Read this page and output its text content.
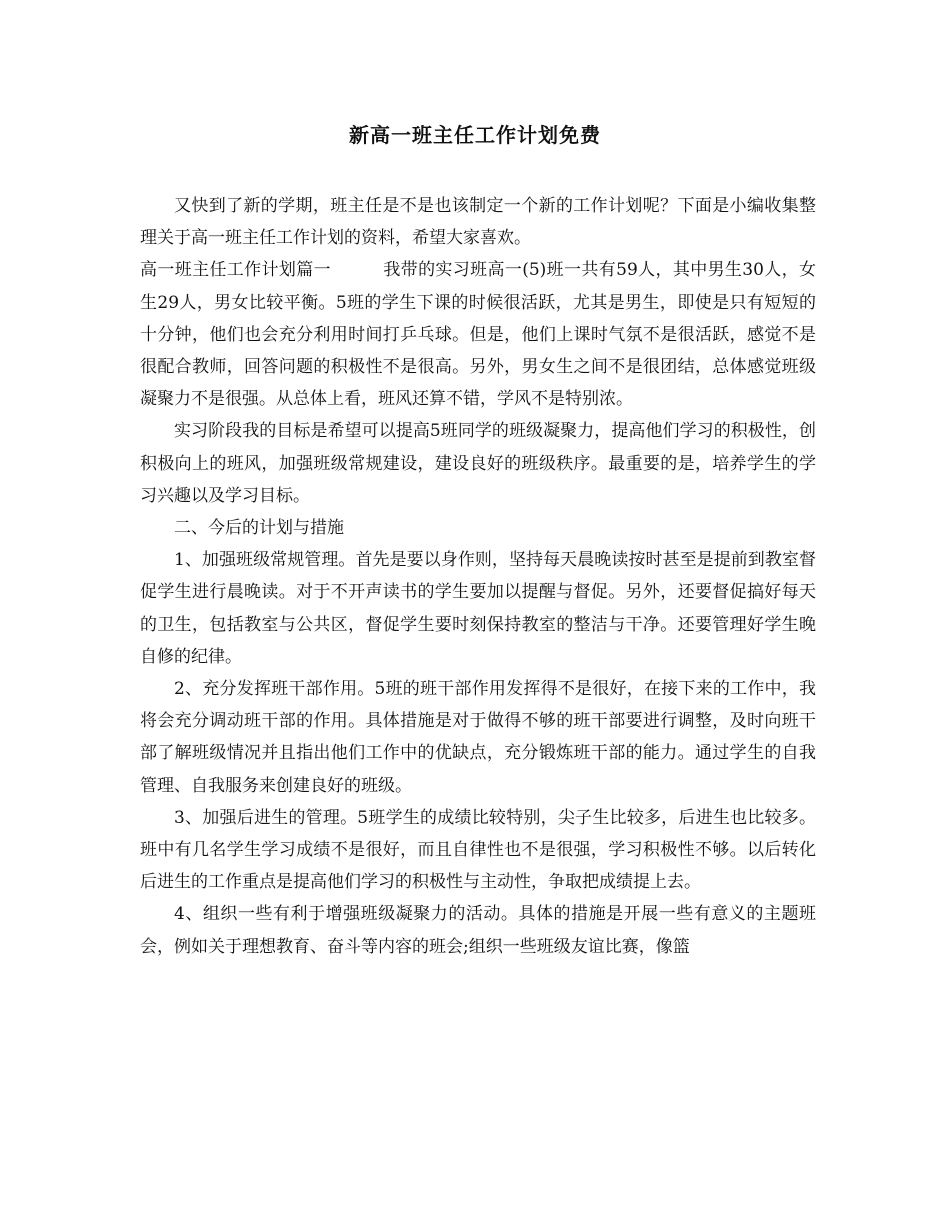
新高一班主任工作计划免费

又快到了新的学期，班主任是不是也该制定一个新的工作计划呢？下面是小编收集整理关于高一班主任工作计划的资料，希望大家喜欢。

高一班主任工作计划篇一	我带的实习班高一(5)班一共有59人，其中男生30人，女生29人，男女比较平衡。5班的学生下课的时候很活跃，尤其是男生，即使是只有短短的十分钟，他们也会充分利用时间打乒乓球。但是，他们上课时气氛不是很活跃，感觉不是很配合教师，回答问题的积极性不是很高。另外，男女生之间不是很团结，总体感觉班级凝聚力不是很强。从总体上看，班风还算不错，学风不是特别浓。

实习阶段我的目标是希望可以提高5班同学的班级凝聚力，提高他们学习的积极性，创积极向上的班风，加强班级常规建设，建设良好的班级秩序。最重要的是，培养学生的学习兴趣以及学习目标。

二、今后的计划与措施

1、加强班级常规管理。首先是要以身作则，坚持每天晨晚读按时甚至是提前到教室督促学生进行晨晚读。对于不开声读书的学生要加以提醒与督促。另外，还要督促搞好每天的卫生，包括教室与公共区，督促学生要时刻保持教室的整洁与干净。还要管理好学生晚自修的纪律。

2、充分发挥班干部作用。5班的班干部作用发挥得不是很好，在接下来的工作中，我将会充分调动班干部的作用。具体措施是对于做得不够的班干部要进行调整，及时向班干部了解班级情况并且指出他们工作中的优缺点，充分锻炼班干部的能力。通过学生的自我管理、自我服务来创建良好的班级。

3、加强后进生的管理。5班学生的成绩比较特别，尖子生比较多，后进生也比较多。班中有几名学生学习成绩不是很好，而且自律性也不是很强，学习积极性不够。以后转化后进生的工作重点是提高他们学习的积极性与主动性，争取把成绩提上去。

4、组织一些有利于增强班级凝聚力的活动。具体的措施是开展一些有意义的主题班会，例如关于理想教育、奋斗等内容的班会;组织一些班级友谊比赛，像篮
